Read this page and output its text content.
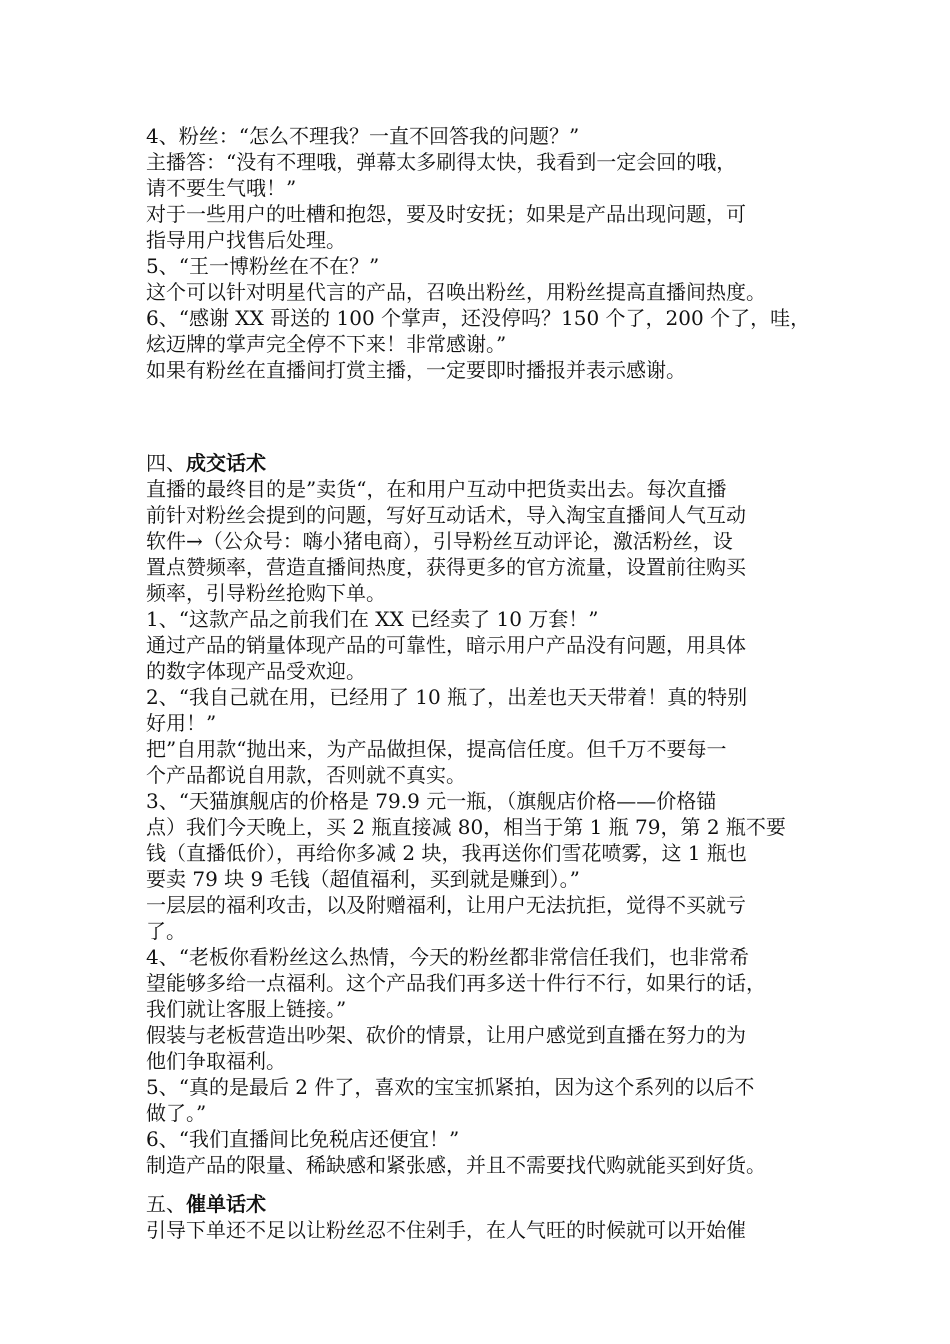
4、粉丝：“怎么不理我？一直不回答我的问题？”
主播答：“没有不理哦，弹幕太多刷得太快，我看到一定会回的哦，
请不要生气哦！”
对于一些用户的吐槽和抱怨，要及时安抚；如果是产品出现问题，可
指导用户找售后处理。
5、“王一博粉丝在不在？”
这个可以针对明星代言的产品，召唤出粉丝，用粉丝提高直播间热度。
6、“感谢 XX 哥送的 100 个掌声，还没停吗？150 个了，200 个了，哇，
炫迈牌的掌声完全停不下来！非常感谢。”
如果有粉丝在直播间打赏主播，一定要即时播报并表示感谢。
四、成交话术
直播的最终目的是”卖货“，在和用户互动中把货卖出去。每次直播
前针对粉丝会提到的问题，写好互动话术，导入淘宝直播间人气互动
软件→（公众号：嗨小猪电商），引导粉丝互动评论，激活粉丝，设
置点赞频率，营造直播间热度，获得更多的官方流量，设置前往购买
频率，引导粉丝抢购下单。
1、“这款产品之前我们在 XX 已经卖了 10 万套！”
通过产品的销量体现产品的可靠性，暗示用户产品没有问题，用具体
的数字体现产品受欢迎。
2、“我自己就在用，已经用了 10 瓶了，出差也天天带着！真的特别
好用！”
把”自用款“抛出来，为产品做担保，提高信任度。但千万不要每一
个产品都说自用款，否则就不真实。
3、“天猫旗舰店的价格是 79.9 元一瓶，（旗舰店价格——价格锚
点）我们今天晚上，买 2 瓶直接减 80，相当于第 1 瓶 79，第 2 瓶不要
钱（直播低价），再给你多减 2 块，我再送你们雪花喷雾，这 1 瓶也
要卖 79 块 9 毛钱（超值福利，买到就是赚到）。”
一层层的福利攻击，以及附赠福利，让用户无法抗拒，觉得不买就亏
了。
4、“老板你看粉丝这么热情，今天的粉丝都非常信任我们，也非常希
望能够多给一点福利。这个产品我们再多送十件行不行，如果行的话，
我们就让客服上链接。”
假装与老板营造出吵架、砍价的情景，让用户感觉到直播在努力的为
他们争取福利。
5、“真的是最后 2 件了，喜欢的宝宝抓紧拍，因为这个系列的以后不
做了。”
6、“我们直播间比免税店还便宜！”
制造产品的限量、稀缺感和紧张感，并且不需要找代购就能买到好货。
五、催单话术
引导下单还不足以让粉丝忍不住剁手，在人气旺的时候就可以开始催
